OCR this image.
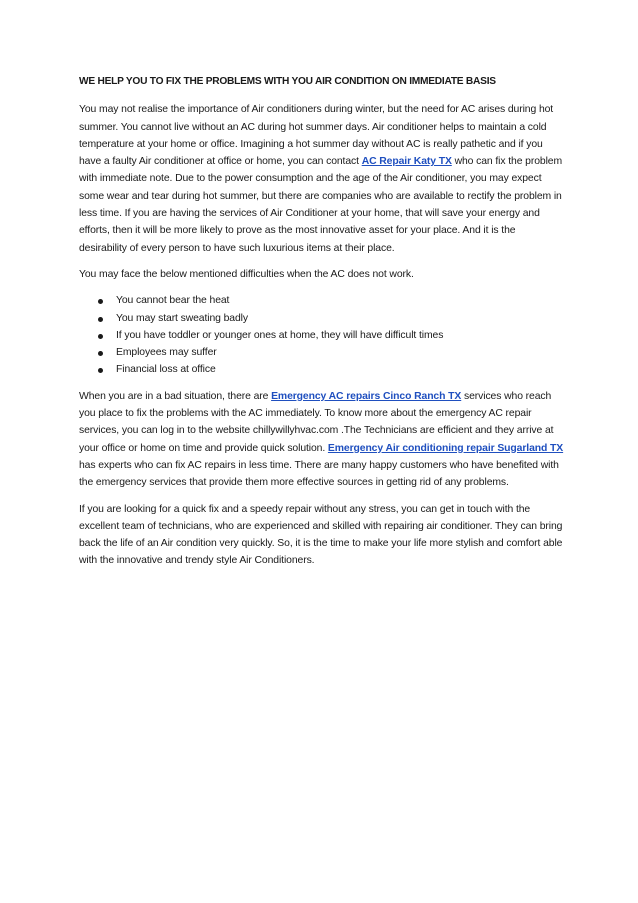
WE HELP YOU TO FIX THE PROBLEMS WITH YOU AIR CONDITION ON IMMEDIATE BASIS

You may not realise the importance of Air conditioners during winter, but the need for AC arises during hot summer. You cannot live without an AC during hot summer days. Air conditioner helps to maintain a cold temperature at your home or office. Imagining a hot summer day without AC is really pathetic and if you have a faulty Air conditioner at office or home, you can contact AC Repair Katy TX who can fix the problem with immediate note. Due to the power consumption and the age of the Air conditioner, you may expect some wear and tear during hot summer, but there are companies who are available to rectify the problem in less time. If you are having the services of Air Conditioner at your home, that will save your energy and efforts, then it will be more likely to prove as the most innovative asset for your place. And it is the desirability of every person to have such luxurious items at their place.

You may face the below mentioned difficulties when the AC does not work.

You cannot bear the heat
You may start sweating badly
If you have toddler or younger ones at home, they will have difficult times
Employees may suffer
Financial loss at office

When you are in a bad situation, there are Emergency AC repairs Cinco Ranch TX services who reach you place to fix the problems with the AC immediately. To know more about the emergency AC repair services, you can log in to the website chillywillyhvac.com .The Technicians are efficient and they arrive at your office or home on time and provide quick solution. Emergency Air conditioning repair Sugarland TX has experts who can fix AC repairs in less time. There are many happy customers who have benefited with the emergency services that provide them more effective sources in getting rid of any problems.

If you are looking for a quick fix and a speedy repair without any stress, you can get in touch with the excellent team of technicians, who are experienced and skilled with repairing air conditioner. They can bring back the life of an Air condition very quickly. So, it is the time to make your life more stylish and comfort able with the innovative and trendy style Air Conditioners.
